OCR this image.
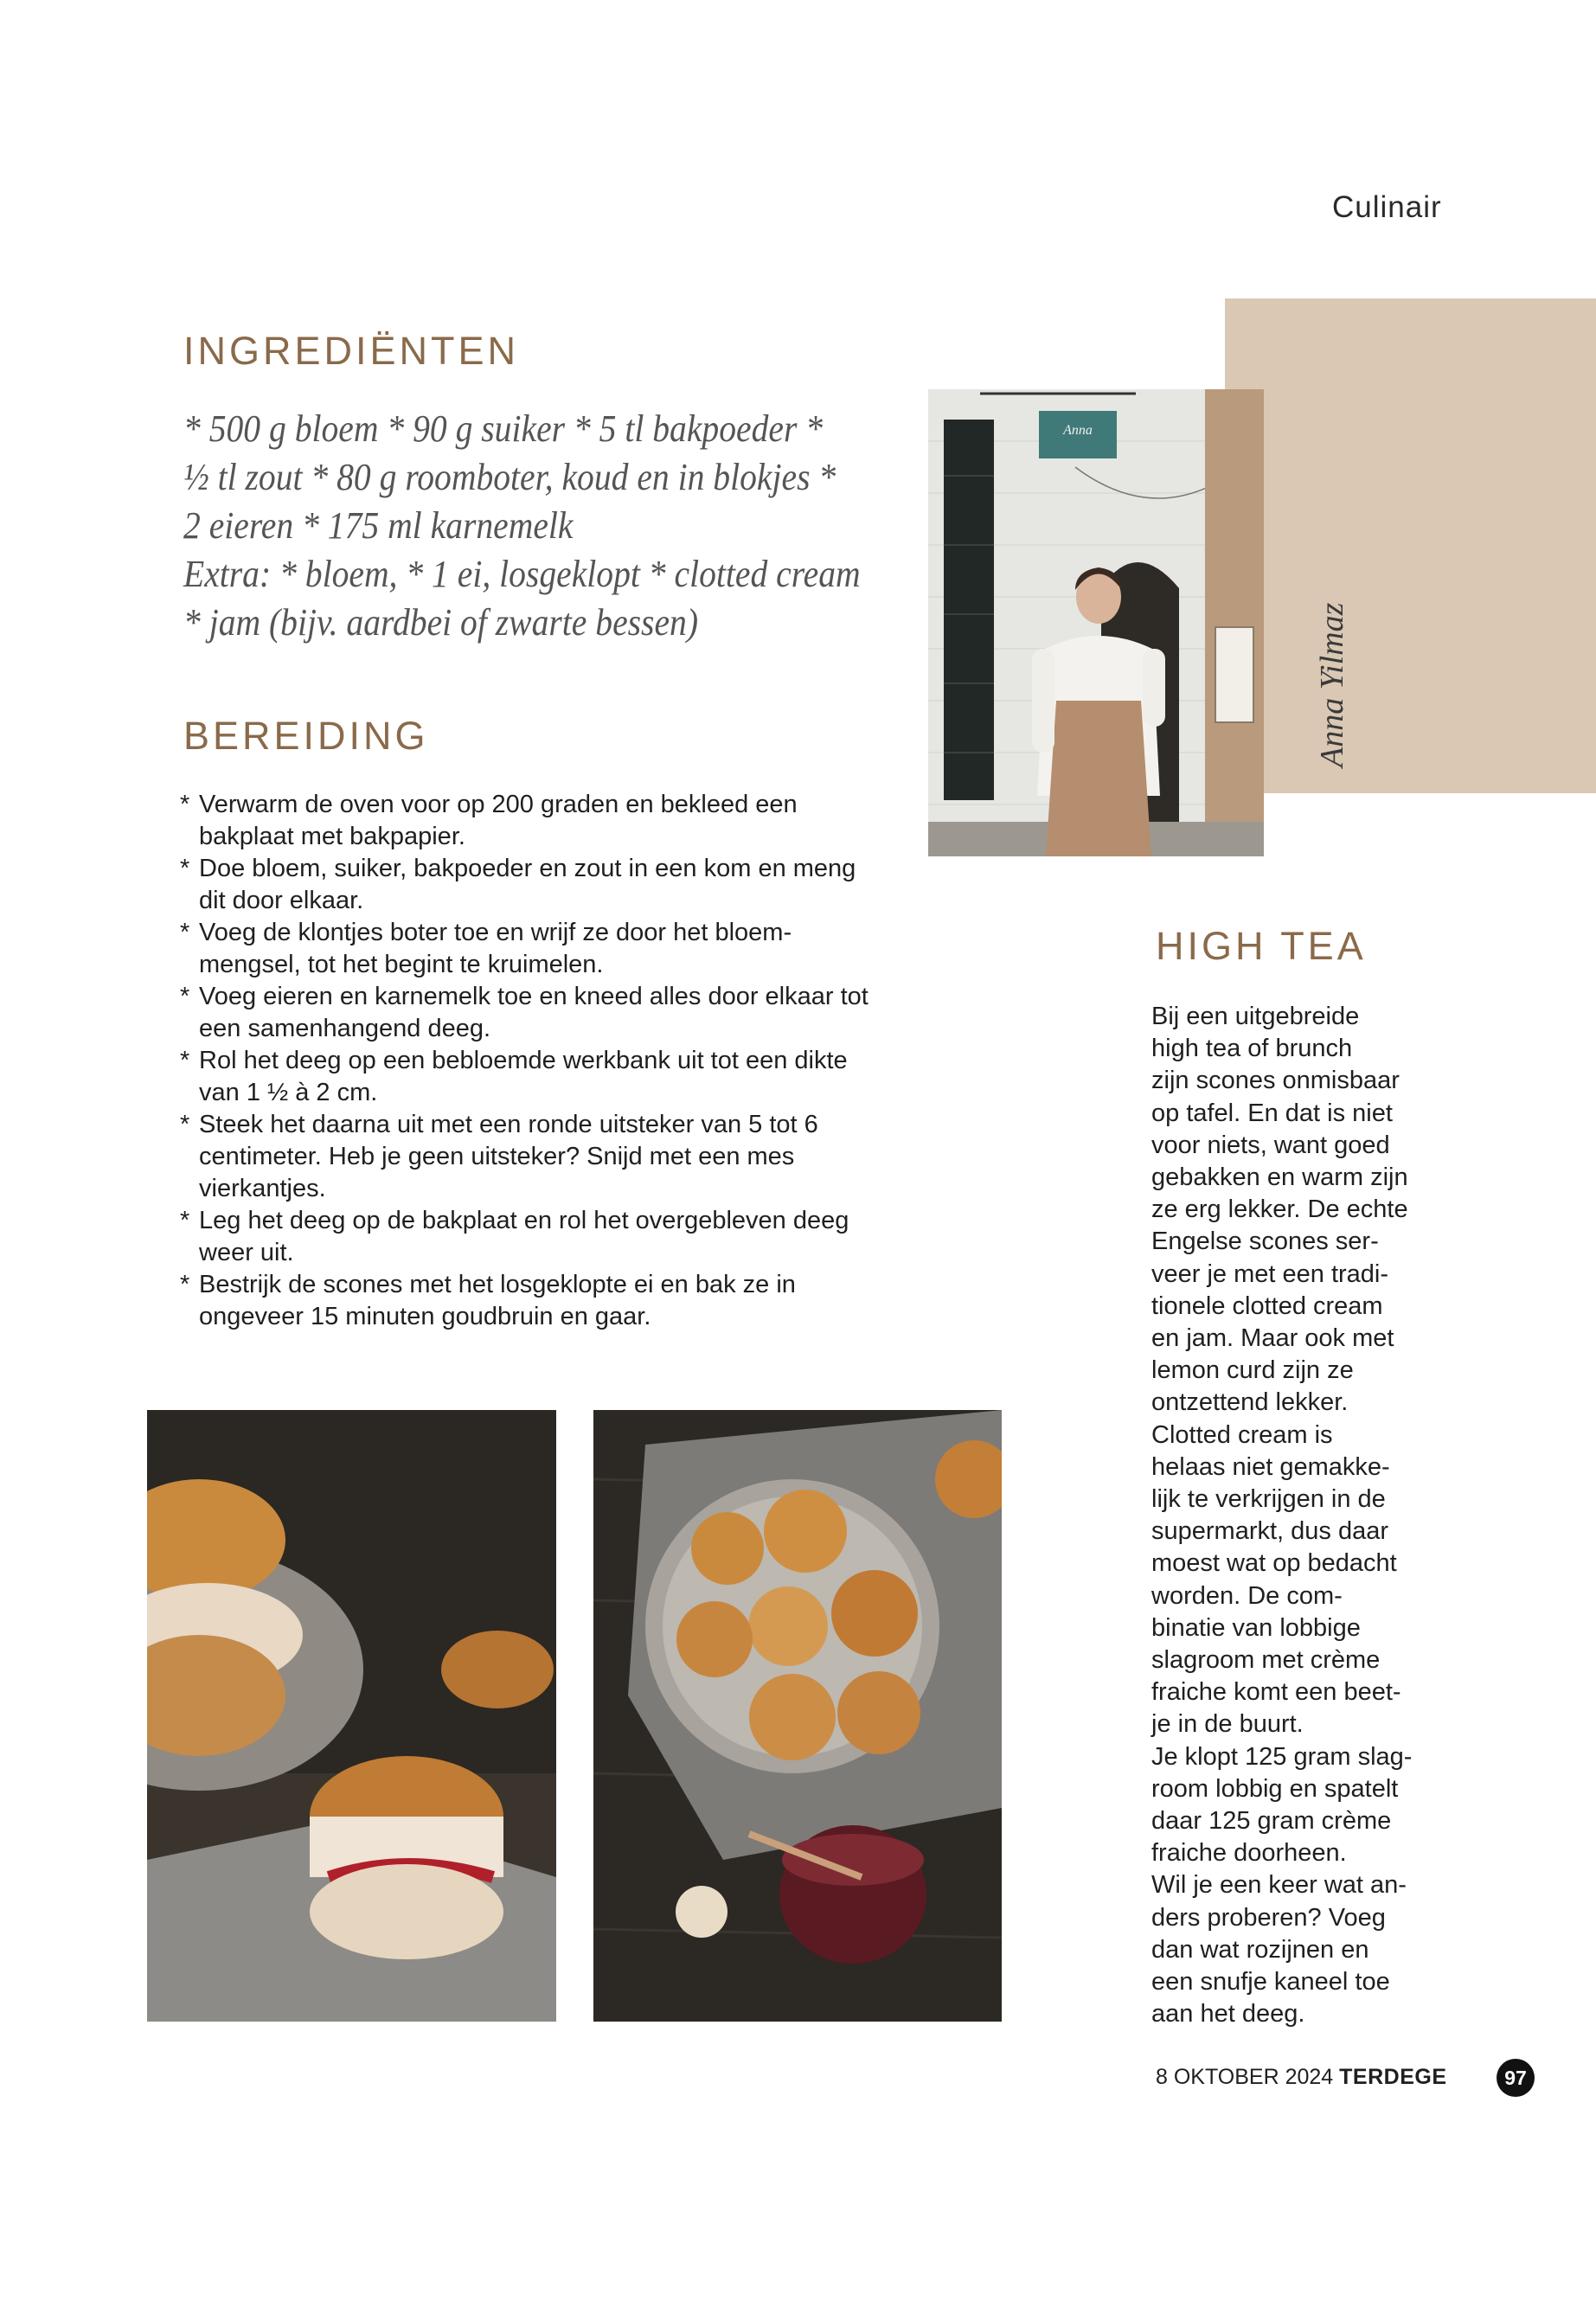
Culinair
INGREDIËNTEN
* 500 g bloem * 90 g suiker * 5 tl bakpoeder *
½ tl zout * 80 g roomboter, koud en in blokjes *
2 eieren * 175 ml karnemelk
Extra: * bloem, * 1 ei, losgeklopt * clotted cream
* jam (bijv. aardbei of zwarte bessen)
BEREIDING
* Verwarm de oven voor op 200 graden en bekleed een bakplaat met bakpapier.
* Doe bloem, suiker, bakpoeder en zout in een kom en meng dit door elkaar.
* Voeg de klontjes boter toe en wrijf ze door het bloem-mengsel, tot het begint te kruimelen.
* Voeg eieren en karnemelk toe en kneed alles door elkaar tot een samenhangend deeg.
* Rol het deeg op een bebloemde werkbank uit tot een dikte van 1 ½ à 2 cm.
* Steek het daarna uit met een ronde uitsteker van 5 tot 6 centimeter. Heb je geen uitsteker? Snijd met een mes vierkantjes.
* Leg het deeg op de bakplaat en rol het overgebleven deeg weer uit.
* Bestrijk de scones met het losgeklopte ei en bak ze in ongeveer 15 minuten goudbruin en gaar.
Anna
Anna Yilmaz
HIGH TEA
Bij een uitgebreide
high tea of brunch
zijn scones onmisbaar
op tafel. En dat is niet
voor niets, want goed
gebakken en warm zijn
ze erg lekker. De echte
Engelse scones ser-
veer je met een tradi-
tionele clotted cream
en jam. Maar ook met
lemon curd zijn ze
ontzettend lekker.
Clotted cream is
helaas niet gemakke-
lijk te verkrijgen in de
supermarkt, dus daar
moest wat op bedacht
worden. De com-
binatie van lobbige
slagroom met crème
fraiche komt een beet-
je in de buurt.
Je klopt 125 gram slag-
room lobbig en spatelt
daar 125 gram crème
fraiche doorheen.
Wil je een keer wat an-
ders proberen? Voeg
dan wat rozijnen en
een snufje kaneel toe
aan het deeg.
8 OKTOBER 2024 TERDEGE	97
